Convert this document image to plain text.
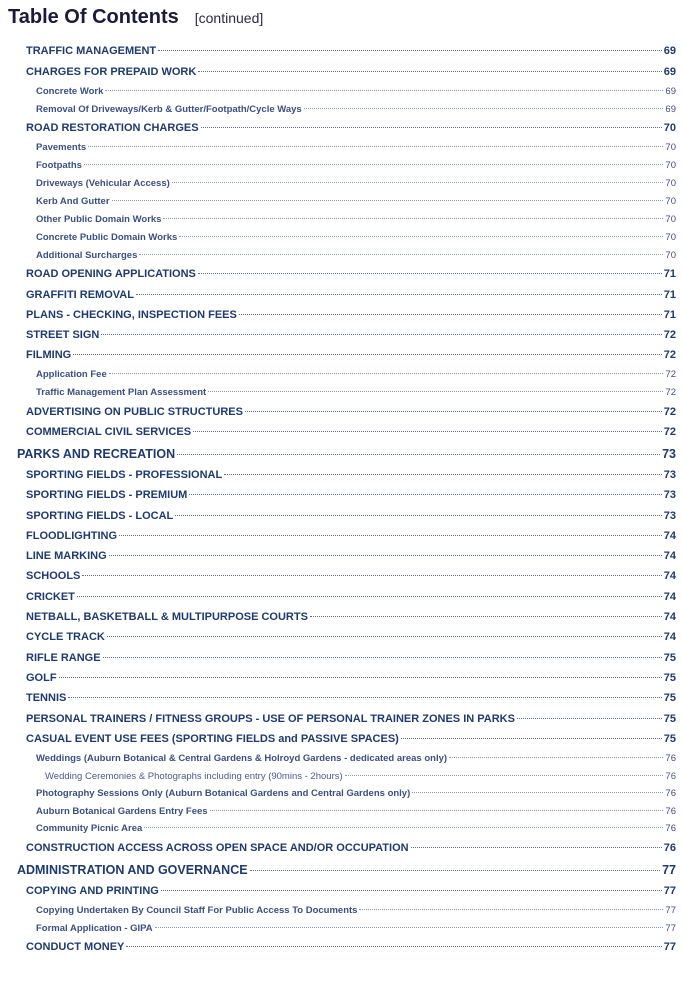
Table Of Contents [continued]
TRAFFIC MANAGEMENT	69
CHARGES FOR PREPAID WORK	69
Concrete Work	69
Removal Of Driveways/Kerb & Gutter/Footpath/Cycle Ways	69
ROAD RESTORATION CHARGES	70
Pavements	70
Footpaths	70
Driveways (Vehicular Access)	70
Kerb And Gutter	70
Other Public Domain Works	70
Concrete Public Domain Works	70
Additional Surcharges	70
ROAD OPENING APPLICATIONS	71
GRAFFITI REMOVAL	71
PLANS - CHECKING, INSPECTION FEES	71
STREET SIGN	72
FILMING	72
Application Fee	72
Traffic Management Plan Assessment	72
ADVERTISING ON PUBLIC STRUCTURES	72
COMMERCIAL CIVIL SERVICES	72
PARKS AND RECREATION	73
SPORTING FIELDS - PROFESSIONAL	73
SPORTING FIELDS - PREMIUM	73
SPORTING FIELDS - LOCAL	73
FLOODLIGHTING	74
LINE MARKING	74
SCHOOLS	74
CRICKET	74
NETBALL, BASKETBALL & MULTIPURPOSE COURTS	74
CYCLE TRACK	74
RIFLE RANGE	75
GOLF	75
TENNIS	75
PERSONAL TRAINERS / FITNESS GROUPS - USE OF PERSONAL TRAINER ZONES IN PARKS	75
CASUAL EVENT USE FEES (SPORTING FIELDS and PASSIVE SPACES)	75
Weddings (Auburn Botanical & Central Gardens & Holroyd Gardens - dedicated areas only)	76
Wedding Ceremonies & Photographs including entry (90mins - 2hours)	76
Photography Sessions Only (Auburn Botanical Gardens and Central Gardens only)	76
Auburn Botanical Gardens Entry Fees	76
Community Picnic Area	76
CONSTRUCTION ACCESS ACROSS OPEN SPACE AND/OR OCCUPATION	76
ADMINISTRATION AND GOVERNANCE	77
COPYING AND PRINTING	77
Copying Undertaken By Council Staff For Public Access To Documents	77
Formal Application - GIPA	77
CONDUCT MONEY	77
